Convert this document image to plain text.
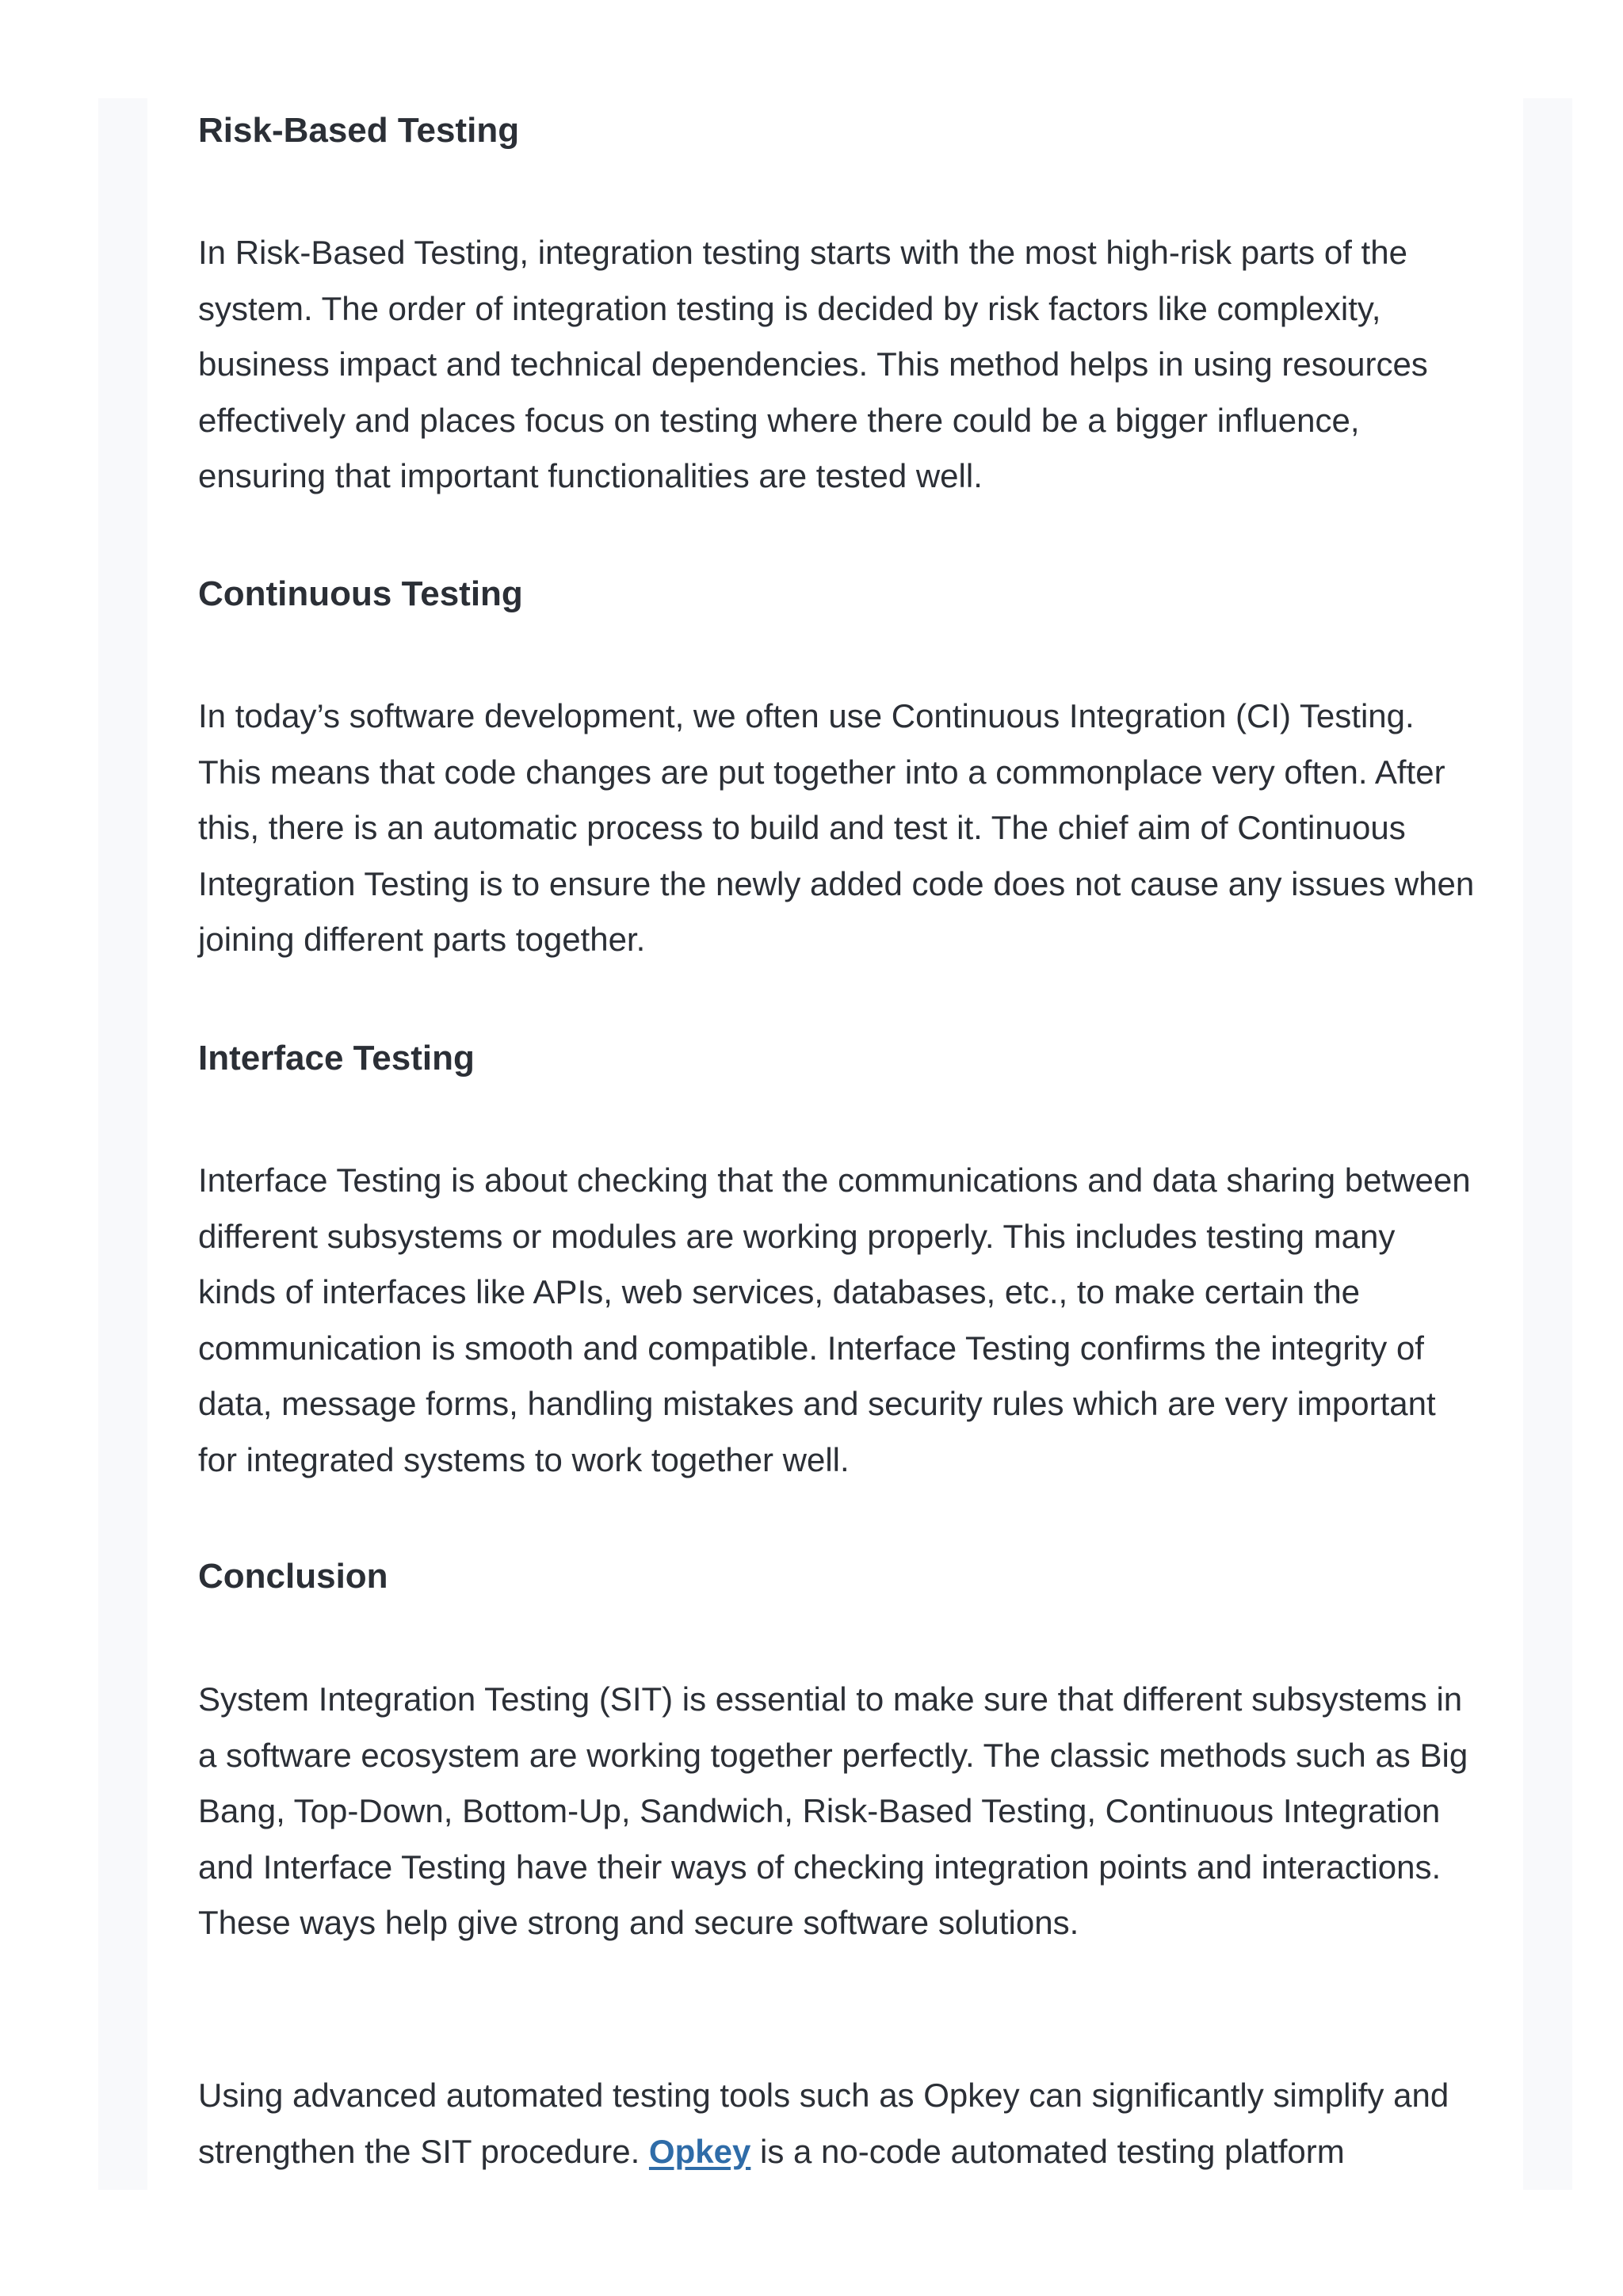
Risk-Based Testing

In Risk-Based Testing, integration testing starts with the most high-risk parts of the system. The order of integration testing is decided by risk factors like complexity, business impact and technical dependencies. This method helps in using resources effectively and places focus on testing where there could be a bigger influence, ensuring that important functionalities are tested well.

Continuous Testing

In today’s software development, we often use Continuous Integration (CI) Testing. This means that code changes are put together into a commonplace very often. After this, there is an automatic process to build and test it. The chief aim of Continuous Integration Testing is to ensure the newly added code does not cause any issues when joining different parts together.

Interface Testing

Interface Testing is about checking that the communications and data sharing between different subsystems or modules are working properly. This includes testing many kinds of interfaces like APIs, web services, databases, etc., to make certain the communication is smooth and compatible. Interface Testing confirms the integrity of data, message forms, handling mistakes and security rules which are very important for integrated systems to work together well.

Conclusion

System Integration Testing (SIT) is essential to make sure that different subsystems in a software ecosystem are working together perfectly. The classic methods such as Big Bang, Top-Down, Bottom-Up, Sandwich, Risk-Based Testing, Continuous Integration and Interface Testing have their ways of checking integration points and interactions. These ways help give strong and secure software solutions.

Using advanced automated testing tools such as Opkey can significantly simplify and strengthen the SIT procedure. Opkey is a no-code automated testing platform
